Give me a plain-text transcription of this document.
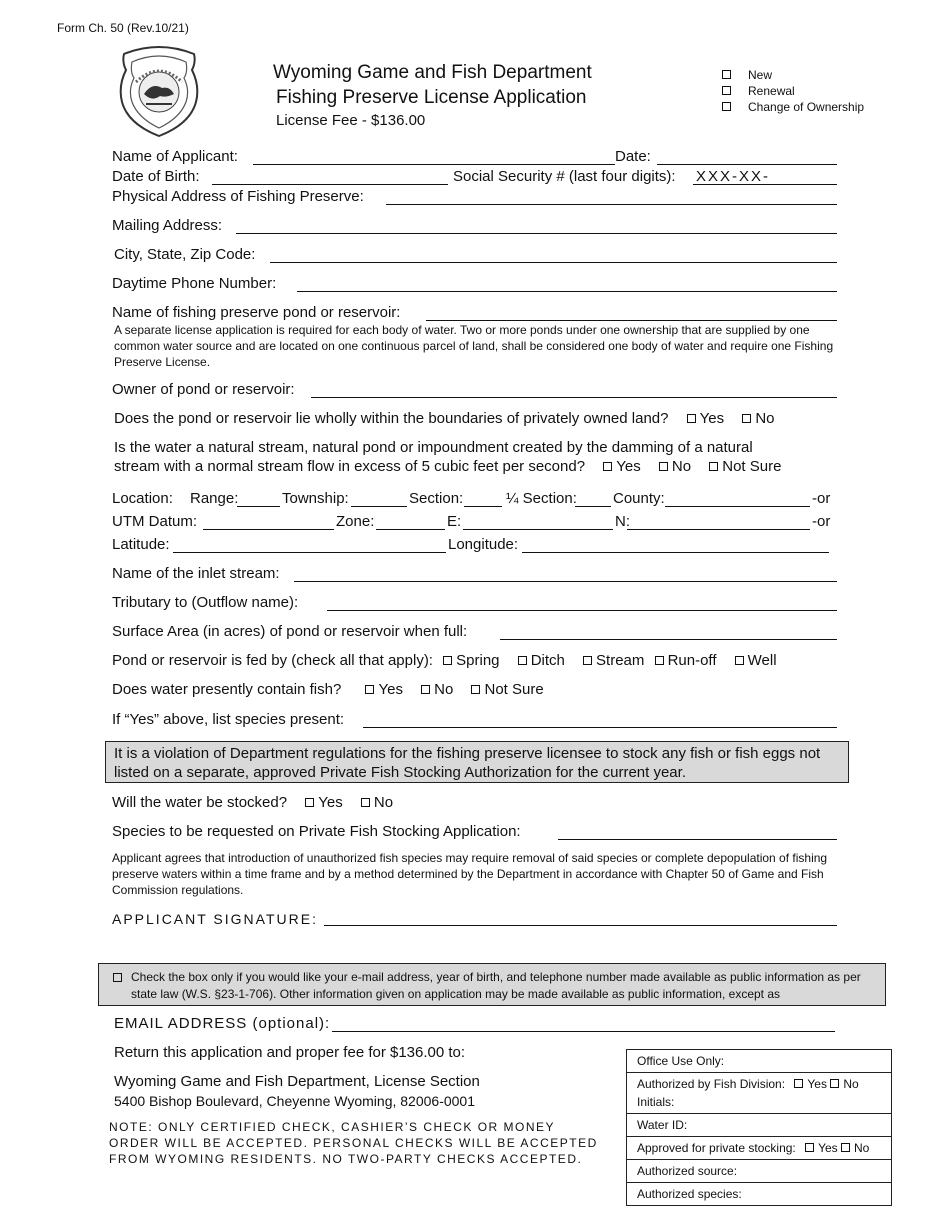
Form Ch. 50 (Rev.10/21)
Wyoming Game and Fish Department
Fishing Preserve License Application
License Fee - $136.00
New
Renewal
Change of Ownership
Name of Applicant:	Date:
Date of Birth:	Social Security # (last four digits): XXX-XX-
Physical Address of Fishing Preserve:
Mailing Address:
City, State, Zip Code:
Daytime Phone Number:
Name of fishing preserve pond or reservoir:
A separate license application is required for each body of water. Two or more ponds under one ownership that are supplied by one common water source and are located on one continuous parcel of land, shall be considered one body of water and require one Fishing Preserve License.
Owner of pond or reservoir:
Does the pond or reservoir lie wholly within the boundaries of privately owned land? Yes No
Is the water a natural stream, natural pond or impoundment created by the damming of a natural
stream with a normal stream flow in excess of 5 cubic feet per second? Yes No Not Sure
Location: Range:	Township:	Section:	¼ Section: County:	-or
UTM Datum:	Zone:	E:	N:	-or
Latitude:	Longitude:
Name of the inlet stream:
Tributary to (Outflow name):
Surface Area (in acres) of pond or reservoir when full:
Pond or reservoir is fed by (check all that apply): Spring Ditch Stream Run-off Well
Does water presently contain fish? Yes No Not Sure
If “Yes” above, list species present:
It is a violation of Department regulations for the fishing preserve licensee to stock any fish or fish eggs not listed on a separate, approved Private Fish Stocking Authorization for the current year.
Will the water be stocked? Yes No
Species to be requested on Private Fish Stocking Application:
Applicant agrees that introduction of unauthorized fish species may require removal of said species or complete depopulation of fishing preserve waters within a time frame and by a method determined by the Department in accordance with Chapter 50 of Game and Fish Commission regulations.
APPLICANT SIGNATURE:
Check the box only if you would like your e-mail address, year of birth, and telephone number made available as public information as per state law (W.S. §23-1-706). Other information given on application may be made available as public information, except as
EMAIL ADDRESS (optional):
Return this application and proper fee for $136.00 to:
Wyoming Game and Fish Department, License Section
5400 Bishop Boulevard, Cheyenne Wyoming, 82006-0001
NOTE: ONLY CERTIFIED CHECK, CASHIER’S CHECK OR MONEY ORDER WILL BE ACCEPTED. PERSONAL CHECKS WILL BE ACCEPTED FROM WYOMING RESIDENTS. NO TWO-PARTY CHECKS ACCEPTED.
Office Use Only:
Authorized by Fish Division: Yes No
Initials:
Water ID:
Approved for private stocking: Yes No
Authorized source:
Authorized species:
